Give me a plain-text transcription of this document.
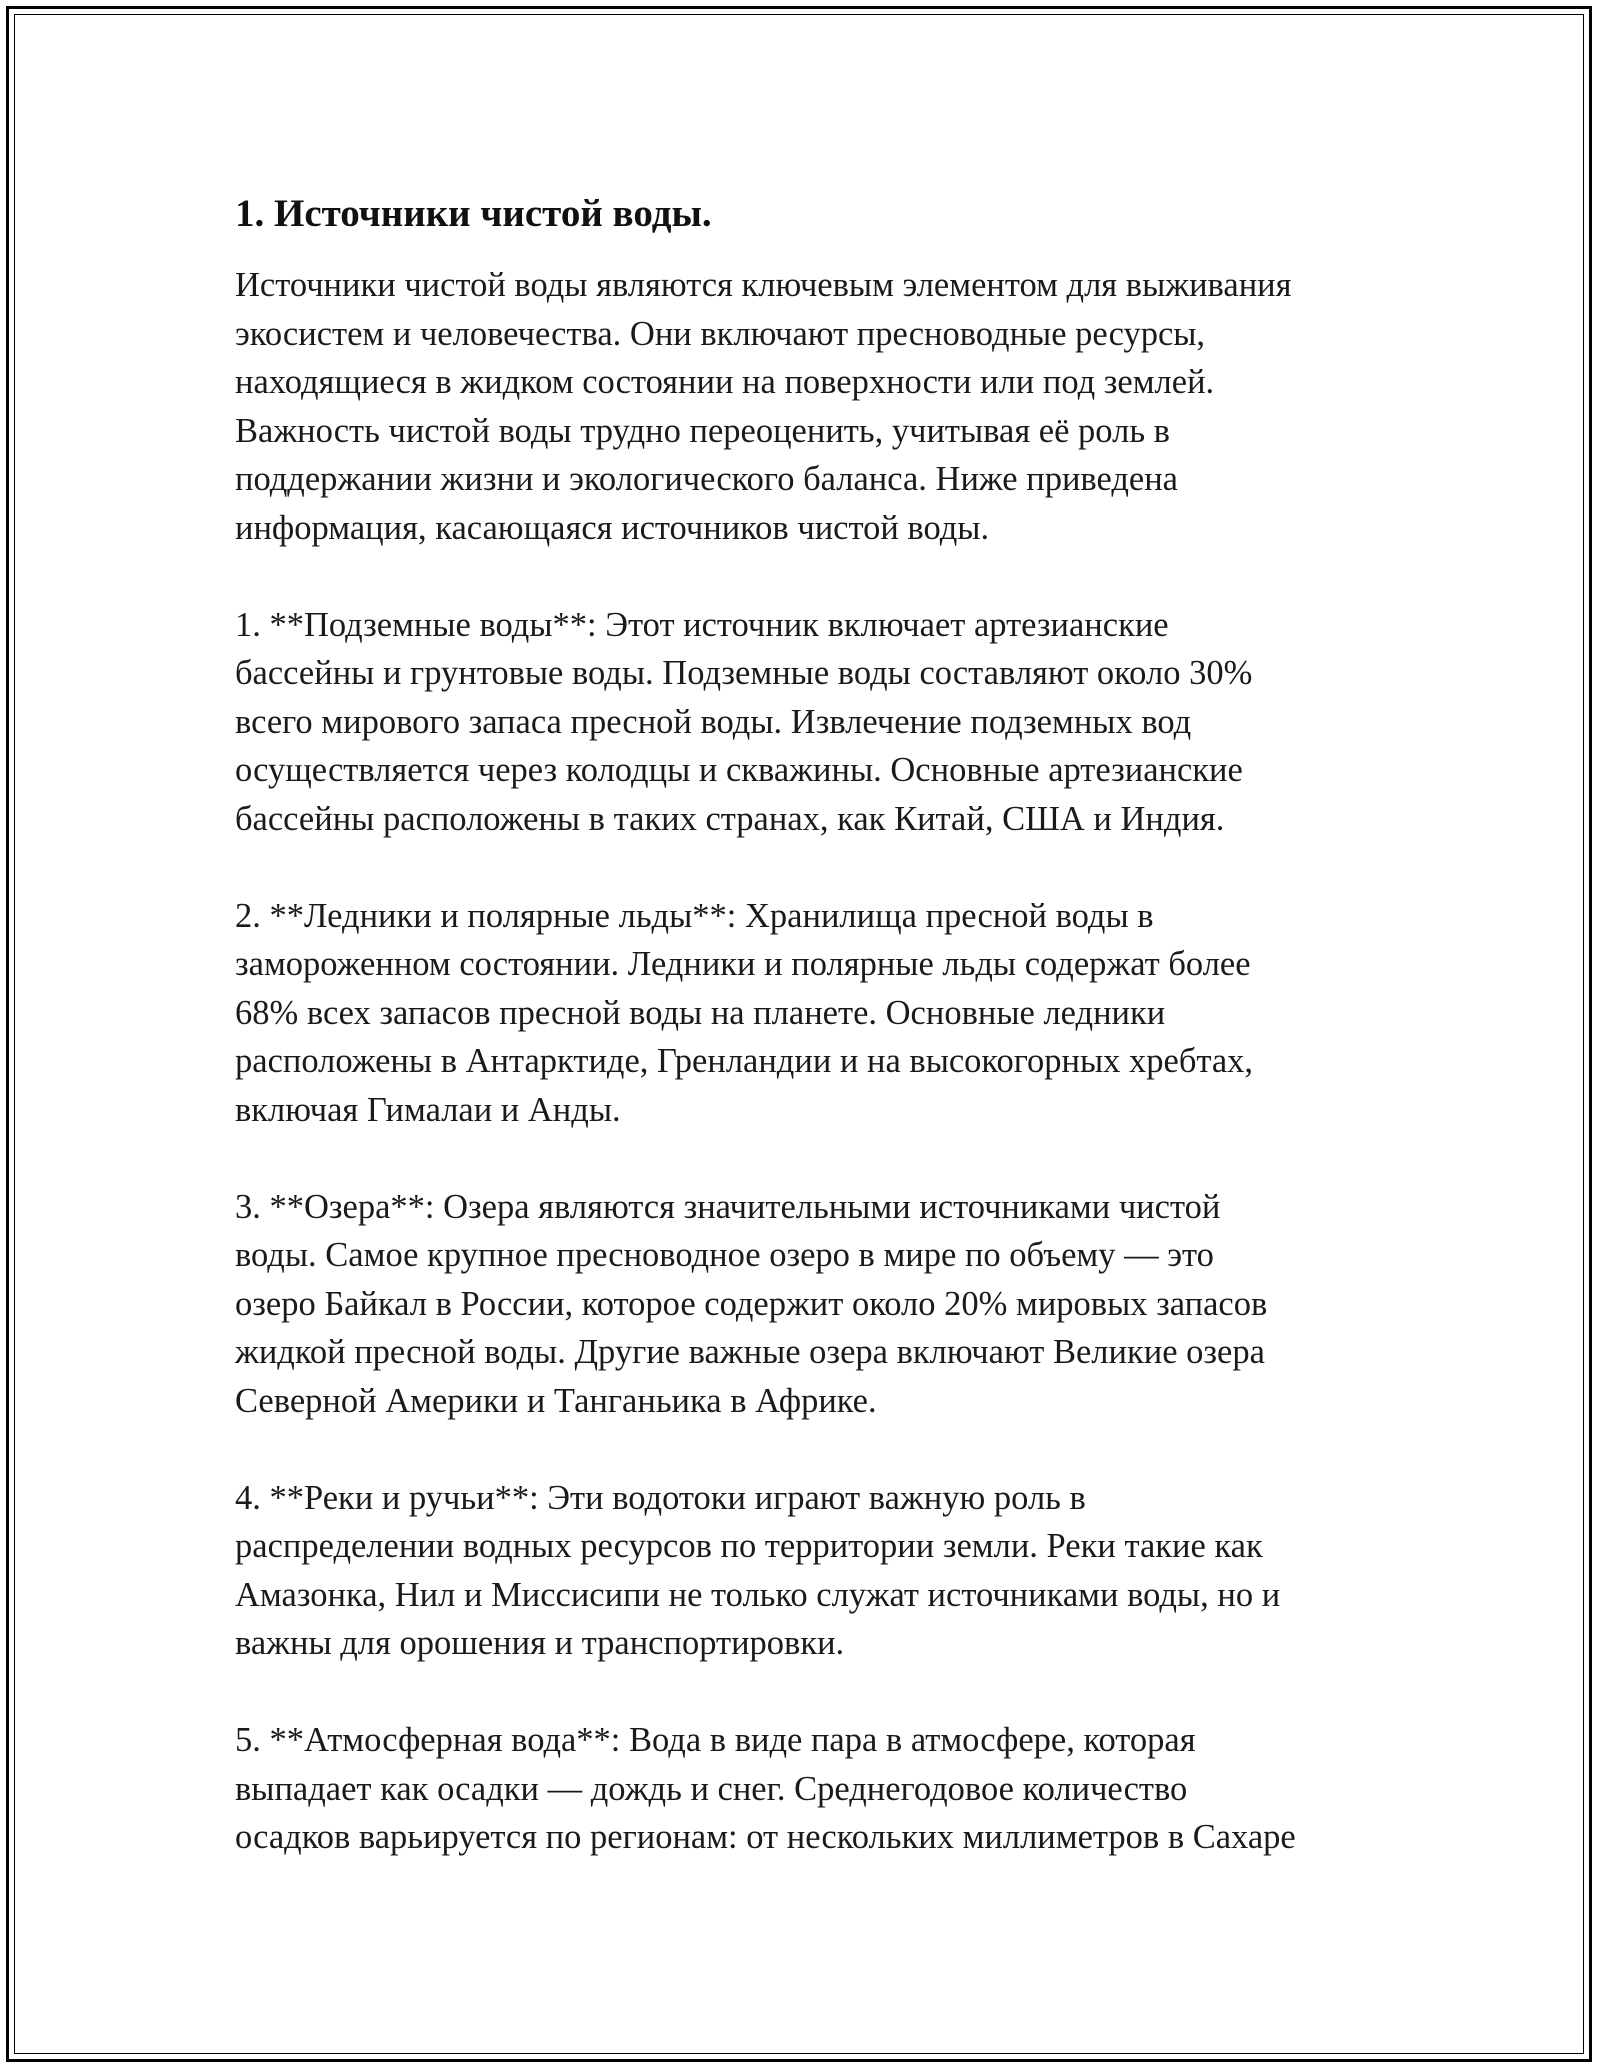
1. Источники чистой воды.

Источники чистой воды являются ключевым элементом для выживания
экосистем и человечества. Они включают пресноводные ресурсы,
находящиеся в жидком состоянии на поверхности или под землей.
Важность чистой воды трудно переоценить, учитывая её роль в
поддержании жизни и экологического баланса. Ниже приведена
информация, касающаяся источников чистой воды.

1. **Подземные воды**: Этот источник включает артезианские
бассейны и грунтовые воды. Подземные воды составляют около 30%
всего мирового запаса пресной воды. Извлечение подземных вод
осуществляется через колодцы и скважины. Основные артезианские
бассейны расположены в таких странах, как Китай, США и Индия.

2. **Ледники и полярные льды**: Хранилища пресной воды в
замороженном состоянии. Ледники и полярные льды содержат более
68% всех запасов пресной воды на планете. Основные ледники
расположены в Антарктиде, Гренландии и на высокогорных хребтах,
включая Гималаи и Анды.

3. **Озера**: Озера являются значительными источниками чистой
воды. Самое крупное пресноводное озеро в мире по объему — это
озеро Байкал в России, которое содержит около 20% мировых запасов
жидкой пресной воды. Другие важные озера включают Великие озера
Северной Америки и Танганьика в Африке.

4. **Реки и ручьи**: Эти водотоки играют важную роль в
распределении водных ресурсов по территории земли. Реки такие как
Амазонка, Нил и Миссисипи не только служат источниками воды, но и
важны для орошения и транспортировки.

5. **Атмосферная вода**: Вода в виде пара в атмосфере, которая
выпадает как осадки — дождь и снег. Среднегодовое количество
осадков варьируется по регионам: от нескольких миллиметров в Сахаре
